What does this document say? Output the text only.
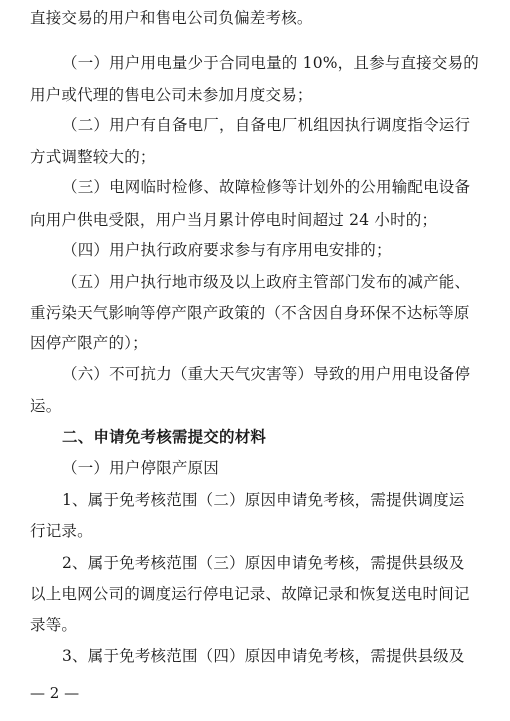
直接交易的用户和售电公司负偏差考核。
（一）用户用电量少于合同电量的 10%，且参与直接交易的
用户或代理的售电公司未参加月度交易；
（二）用户有自备电厂，自备电厂机组因执行调度指令运行
方式调整较大的；
（三）电网临时检修、故障检修等计划外的公用输配电设备
向用户供电受限，用户当月累计停电时间超过 24 小时的；
（四）用户执行政府要求参与有序用电安排的；
（五）用户执行地市级及以上政府主管部门发布的减产能、
重污染天气影响等停产限产政策的（不含因自身环保不达标等原
因停产限产的）；
（六）不可抗力（重大天气灾害等）导致的用户用电设备停
运。
二、申请免考核需提交的材料
（一）用户停限产原因
1、属于免考核范围（二）原因申请免考核，需提供调度运
行记录。
2、属于免考核范围（三）原因申请免考核，需提供县级及
以上电网公司的调度运行停电记录、故障记录和恢复送电时间记
录等。
3、属于免考核范围（四）原因申请免考核，需提供县级及
— 2 —
